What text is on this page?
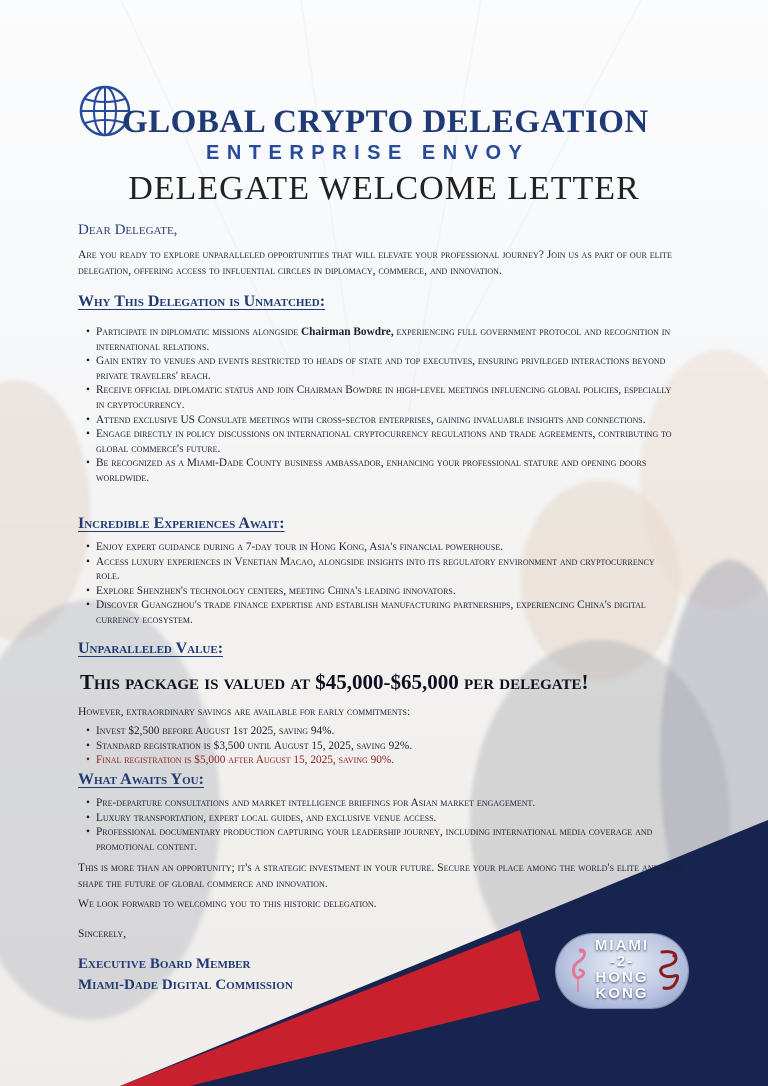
GLOBAL CRYPTO DELEGATION
ENTERPRISE ENVOY
DELEGATE WELCOME LETTER
Dear Delegate,
Are you ready to explore unparalleled opportunities that will elevate your professional journey? Join us as part of our elite delegation, offering access to influential circles in diplomacy, commerce, and innovation.
Why This Delegation is Unmatched:
• Participate in diplomatic missions alongside Chairman Bowdre, experiencing full government protocol and recognition in international relations.
• Gain entry to venues and events restricted to heads of state and top executives, ensuring privileged interactions beyond private travelers' reach.
• Receive official diplomatic status and join Chairman Bowdre in high-level meetings influencing global policies, especially in cryptocurrency.
• Attend exclusive US Consulate meetings with cross-sector enterprises, gaining invaluable insights and connections.
• Engage directly in policy discussions on international cryptocurrency regulations and trade agreements, contributing to global commerce's future.
• Be recognized as a Miami-Dade County business ambassador, enhancing your professional stature and opening doors worldwide.
Incredible Experiences Await:
• Enjoy expert guidance during a 7-day tour in Hong Kong, Asia's financial powerhouse.
• Access luxury experiences in Venetian Macao, alongside insights into its regulatory environment and cryptocurrency role.
• Explore Shenzhen's technology centers, meeting China's leading innovators.
• Discover Guangzhou's trade finance expertise and establish manufacturing partnerships, experiencing China's digital currency ecosystem.
Unparalleled Value:
This package is valued at $45,000-$65,000 per delegate!
However, extraordinary savings are available for early commitments:
• Invest $2,500 before August 1st 2025, saving 94%.
• Standard registration is $3,500 until August 15, 2025, saving 92%.
• Final registration is $5,000 after August 15, 2025, saving 90%.
What Awaits You:
• Pre-departure consultations and market intelligence briefings for Asian market engagement.
• Luxury transportation, expert local guides, and exclusive venue access.
• Professional documentary production capturing your leadership journey, including international media coverage and promotional content.
This is more than an opportunity; it's a strategic investment in your future. Secure your place among the world's elite and help shape the future of global commerce and innovation.
We look forward to welcoming you to this historic delegation.
Sincerely,
Executive Board Member
Miami-Dade Digital Commission
MIAMI
-2-
HONG
KONG
